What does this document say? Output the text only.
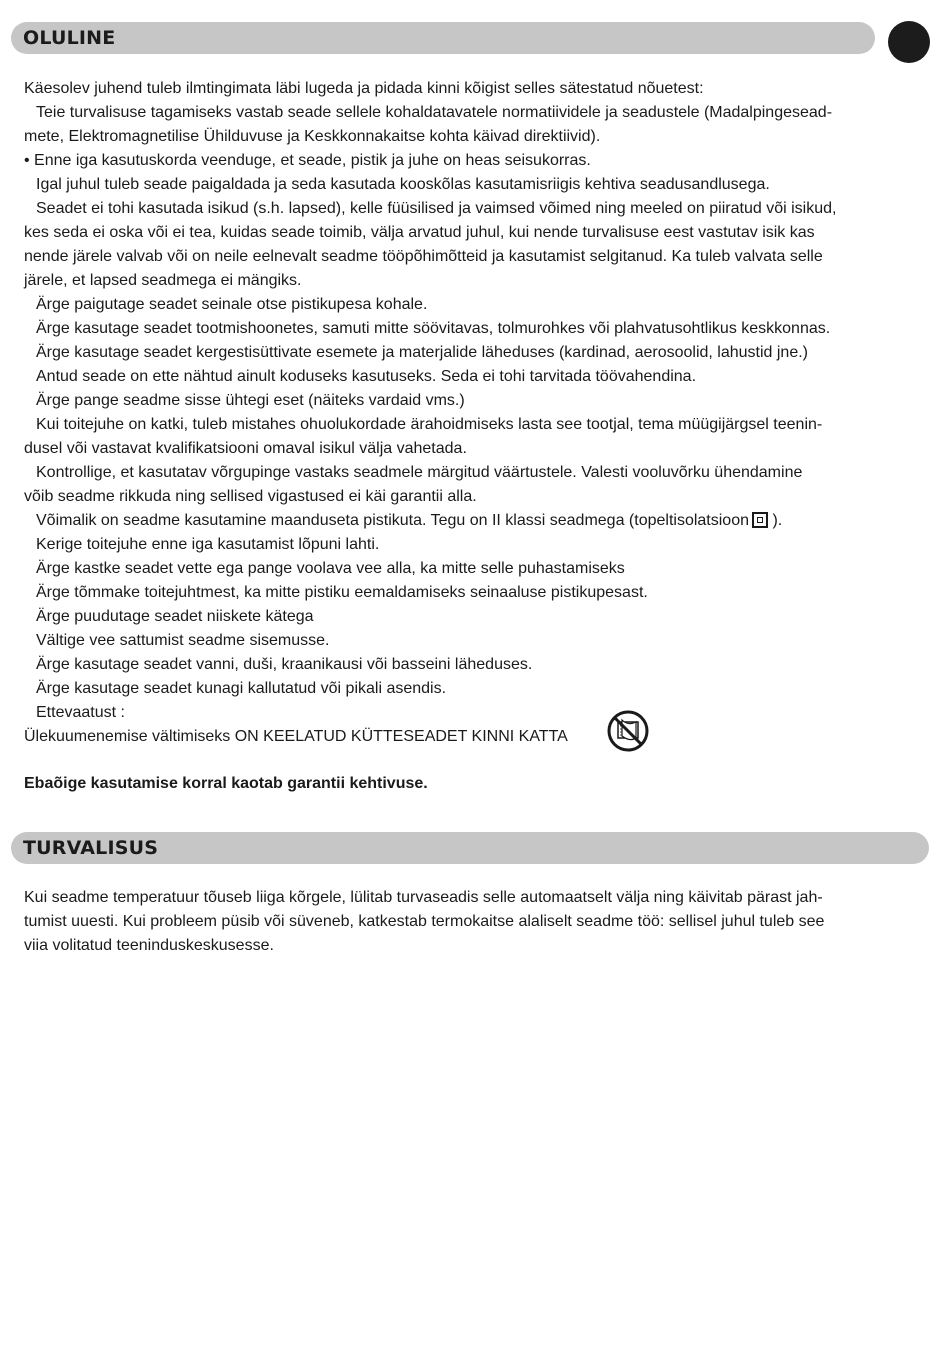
OLULINE

Käesolev juhend tuleb ilmtingimata läbi lugeda ja pidada kinni kõigist selles sätestatud nõuetest:

Teie turvalisuse tagamiseks vastab seade sellele kohaldatavatele normatiividele ja seadustele (Madalpingesead-

mete, Elektromagnetilise Ühilduvuse ja Keskkonnakaitse kohta käivad direktiivid).

• Enne iga kasutuskorda veenduge, et seade, pistik ja juhe on heas seisukorras.

Igal juhul tuleb seade paigaldada ja seda kasutada kooskõlas kasutamisriigis kehtiva seadusandlusega.

Seadet ei tohi kasutada isikud (s.h. lapsed), kelle füüsilised ja vaimsed võimed ning meeled on piiratud või isikud,

kes seda ei oska või ei tea, kuidas seade toimib, välja arvatud juhul, kui nende turvalisuse eest vastutav isik kas

nende järele valvab või on neile eelnevalt seadme tööpõhimõtteid ja kasutamist selgitanud. Ka tuleb valvata selle

järele, et lapsed seadmega ei mängiks.

Ärge paigutage seadet seinale otse pistikupesa kohale.

Ärge kasutage seadet tootmishoonetes, samuti mitte söövitavas, tolmurohkes või plahvatusohtlikus keskkonnas.

Ärge kasutage seadet kergestisüttivate esemete ja materjalide läheduses (kardinad, aerosoolid, lahustid jne.)

Antud seade on ette nähtud ainult koduseks kasutuseks. Seda ei tohi tarvitada töövahendina.

Ärge pange seadme sisse ühtegi eset (näiteks vardaid vms.)

Kui toitejuhe on katki, tuleb mistahes ohuolukordade ärahoidmiseks lasta see tootjal, tema müügijärgsel teenin-

dusel või vastavat kvalifikatsiooni omaval isikul välja vahetada.

Kontrollige, et kasutatav võrgupinge vastaks seadmele märgitud väärtustele. Valesti vooluvõrku ühendamine

võib seadme rikkuda ning sellised vigastused ei käi garantii alla.

Võimalik on seadme kasutamine maanduseta pistikuta. Tegu on II klassi seadmega (topeltisolatsioon ).

Kerige toitejuhe enne iga kasutamist lõpuni lahti.

Ärge kastke seadet vette ega pange voolava vee alla, ka mitte selle puhastamiseks

Ärge tõmmake toitejuhtmest, ka mitte pistiku eemaldamiseks seinaaluse pistikupesast.

Ärge puudutage seadet niiskete kätega

Vältige vee sattumist seadme sisemusse.

Ärge kasutage seadet vanni, duši, kraanikausi või basseini läheduses.

Ärge kasutage seadet kunagi kallutatud või pikali asendis.

Ettevaatust :

Ülekuumenemise vältimiseks ON KEELATUD KÜTTESEADET KINNI KATTA

Ebaõige kasutamise korral kaotab garantii kehtivuse.

TURVALISUS

Kui seadme temperatuur tõuseb liiga kõrgele, lülitab turvaseadis selle automaatselt välja ning käivitab pärast jah-

tumist uuesti. Kui probleem püsib või süveneb, katkestab termokaitse alaliselt seadme töö: sellisel juhul tuleb see

viia volitatud teeninduskeskusesse.
